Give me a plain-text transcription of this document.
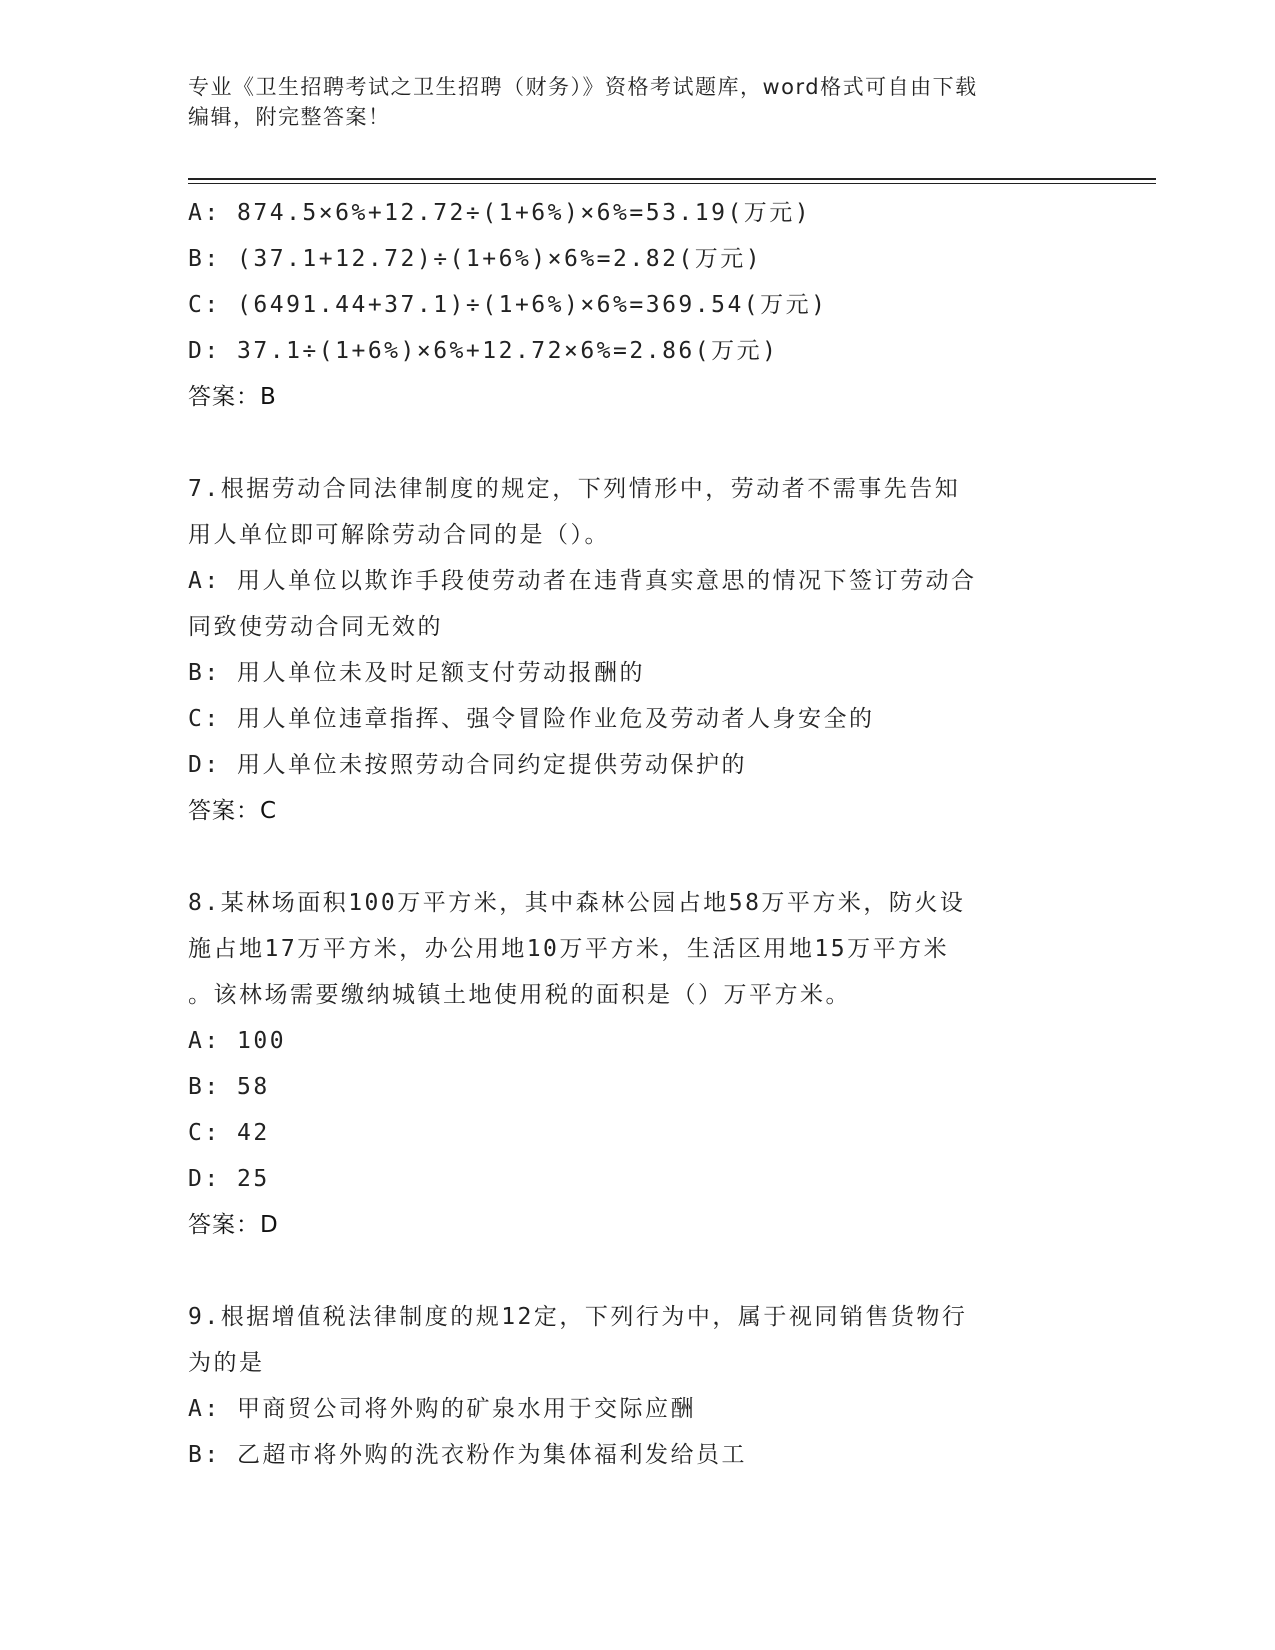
专业《卫生招聘考试之卫生招聘（财务）》资格考试题库，word格式可自由下载
编辑，附完整答案！
A: 874.5×6%+12.72÷(1+6%)×6%=53.19(万元)
B: (37.1+12.72)÷(1+6%)×6%=2.82(万元)
C: (6491.44+37.1)÷(1+6%)×6%=369.54(万元)
D: 37.1÷(1+6%)×6%+12.72×6%=2.86(万元)
答案：B
7.根据劳动合同法律制度的规定，下列情形中，劳动者不需事先告知
用人单位即可解除劳动合同的是（）。
A: 用人单位以欺诈手段使劳动者在违背真实意思的情况下签订劳动合
同致使劳动合同无效的
B: 用人单位未及时足额支付劳动报酬的
C: 用人单位违章指挥、强令冒险作业危及劳动者人身安全的
D: 用人单位未按照劳动合同约定提供劳动保护的
答案：C
8.某林场面积100万平方米，其中森林公园占地58万平方米，防火设
施占地17万平方米，办公用地10万平方米，生活区用地15万平方米
。该林场需要缴纳城镇土地使用税的面积是（）万平方米。
A: 100
B: 58
C: 42
D: 25
答案：D
9.根据增值税法律制度的规12定，下列行为中，属于视同销售货物行
为的是
A: 甲商贸公司将外购的矿泉水用于交际应酬
B: 乙超市将外购的洗衣粉作为集体福利发给员工
